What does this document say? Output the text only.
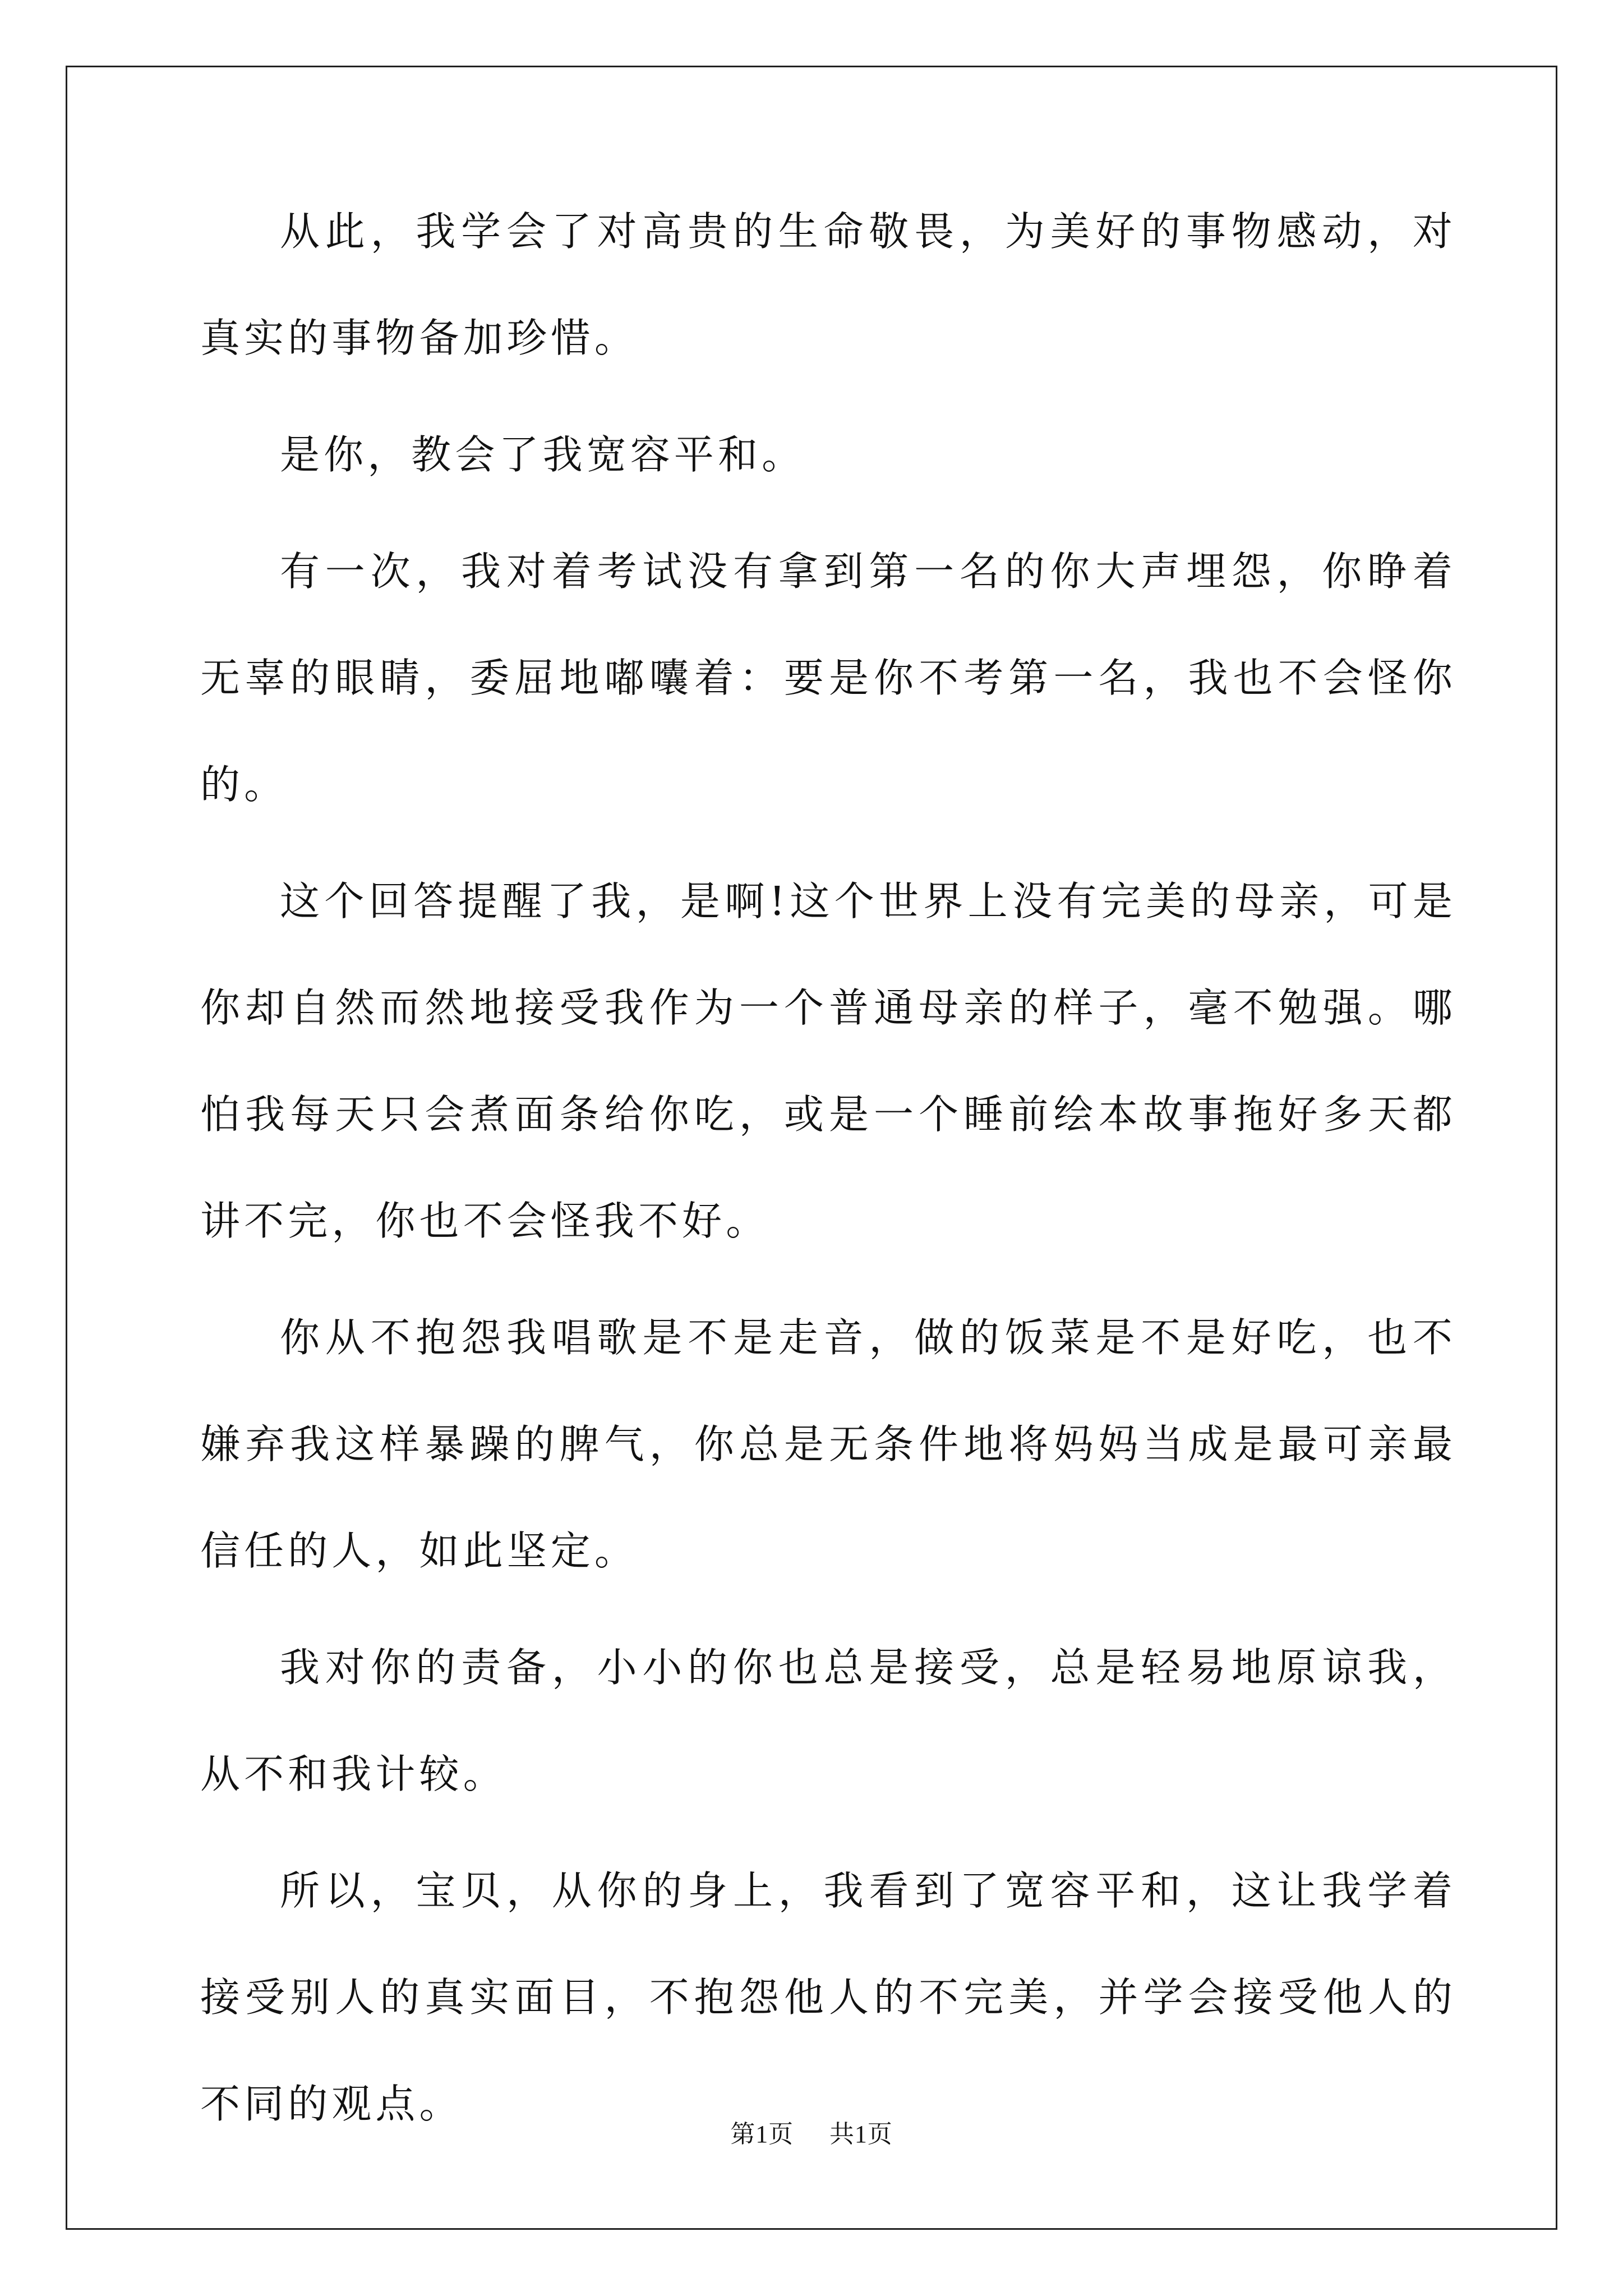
从此，我学会了对高贵的生命敬畏，为美好的事物感动，对真实的事物备加珍惜。

是你，教会了我宽容平和。

有一次，我对着考试没有拿到第一名的你大声埋怨，你睁着无辜的眼睛，委屈地嘟囔着：要是你不考第一名，我也不会怪你的。

这个回答提醒了我，是啊!这个世界上没有完美的母亲，可是你却自然而然地接受我作为一个普通母亲的样子，毫不勉强。哪怕我每天只会煮面条给你吃，或是一个睡前绘本故事拖好多天都讲不完，你也不会怪我不好。

你从不抱怨我唱歌是不是走音，做的饭菜是不是好吃，也不嫌弃我这样暴躁的脾气，你总是无条件地将妈妈当成是最可亲最信任的人，如此坚定。

我对你的责备，小小的你也总是接受，总是轻易地原谅我，从不和我计较。

所以，宝贝，从你的身上，我看到了宽容平和，这让我学着接受别人的真实面目，不抱怨他人的不完美，并学会接受他人的不同的观点。

第1页 共1页
